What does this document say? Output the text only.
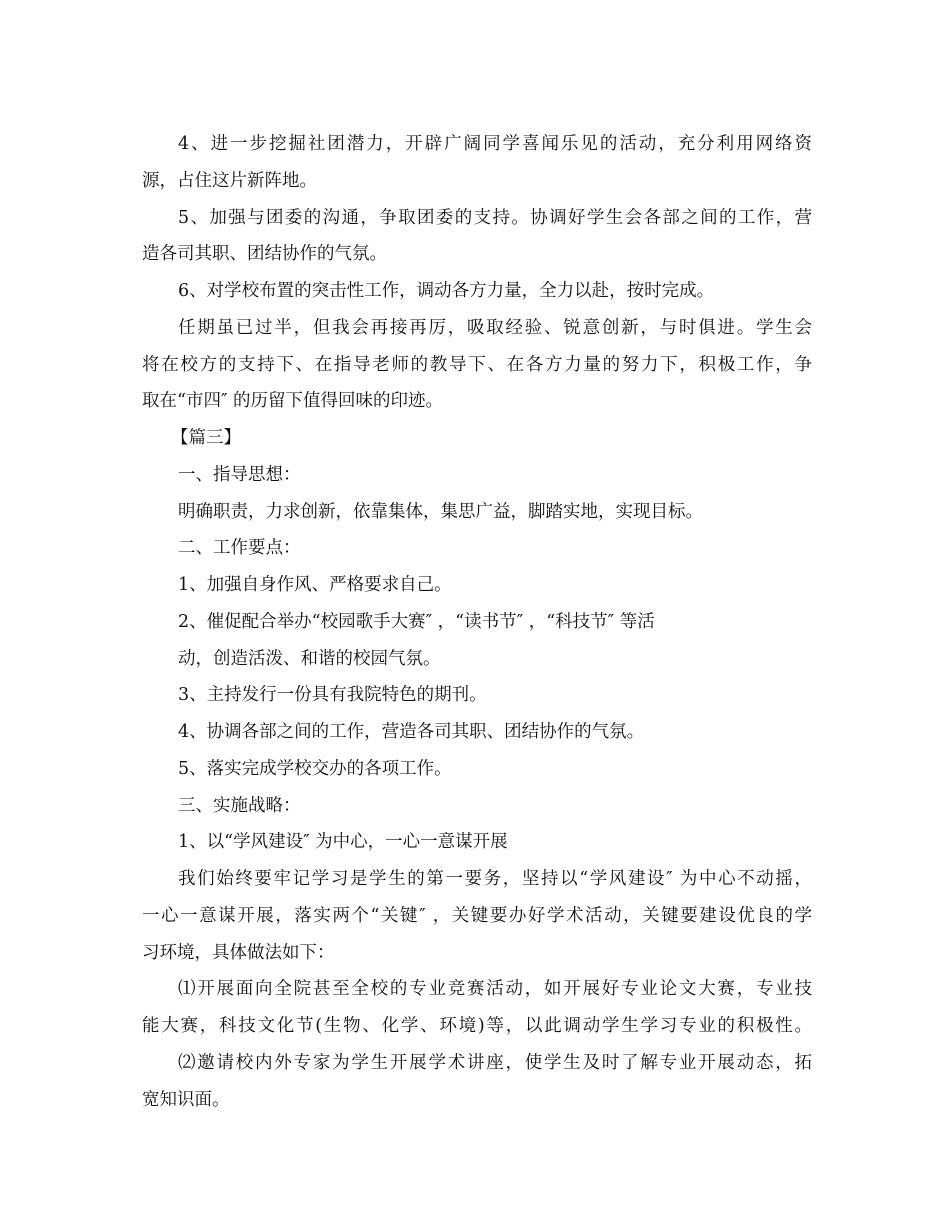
4、进一步挖掘社团潜力，开辟广阔同学喜闻乐见的活动，充分利用网络资

源，占住这片新阵地。

5、加强与团委的沟通，争取团委的支持。协调好学生会各部之间的工作，营

造各司其职、团结协作的气氛。

6、对学校布置的突击性工作，调动各方力量，全力以赴，按时完成。

任期虽已过半，但我会再接再厉，吸取经验、锐意创新，与时俱进。学生会

将在校方的支持下、在指导老师的教导下、在各方力量的努力下，积极工作，争

取在“市四″ 的历留下值得回味的印迹。

【篇三】

一、指导思想：

明确职责，力求创新，依靠集体，集思广益，脚踏实地，实现目标。

二、工作要点：

1、加强自身作风、严格要求自己。

2、催促配合举办“校园歌手大赛″ ，“读书节″ ，“科技节″ 等活

动，创造活泼、和谐的校园气氛。

3、主持发行一份具有我院特色的期刊。

4、协调各部之间的工作，营造各司其职、团结协作的气氛。

5、落实完成学校交办的各项工作。

三、实施战略：

1、以“学风建设″ 为中心，一心一意谋开展

我们始终要牢记学习是学生的第一要务，坚持以“学风建设″ 为中心不动摇，

一心一意谋开展，落实两个“关键″ ，关键要办好学术活动，关键要建设优良的学

习环境，具体做法如下：

⑴开展面向全院甚至全校的专业竞赛活动，如开展好专业论文大赛，专业技

能大赛，科技文化节(生物、化学、环境)等，以此调动学生学习专业的积极性。

⑵邀请校内外专家为学生开展学术讲座，使学生及时了解专业开展动态，拓

宽知识面。
